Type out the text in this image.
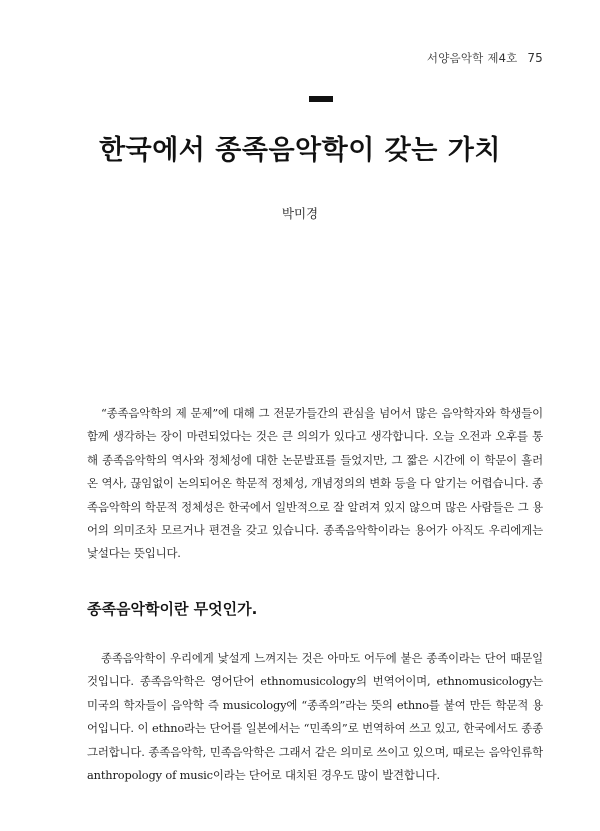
서양음악학 제4호 75
한국에서 종족음악학이 갖는 가치
박미경

“종족음악학의 제 문제”에 대해 그 전문가들간의 관심을 넘어서 많은 음악학자와 학생들이 함께 생각하는 장이 마련되었다는 것은 큰 의의가 있다고 생각합니다. 오늘 오전과 오후를 통해 종족음악학의 역사와 정체성에 대한 논문발표를 들었지만, 그 짧은 시간에 이 학문이 흘러온 역사, 끊임없이 논의되어온 학문적 정체성, 개념정의의 변화 등을 다 알기는 어렵습니다. 종족음악학의 학문적 정체성은 한국에서 일반적으로 잘 알려져 있지 않으며 많은 사람들은 그 용어의 의미조차 모르거나 편견을 갖고 있습니다. 종족음악학이라는 용어가 아직도 우리에게는 낯설다는 뜻입니다.

종족음악학이란 무엇인가.

종족음악학이 우리에게 낯설게 느껴지는 것은 아마도 어두에 붙은 종족이라는 단어 때문일 것입니다. 종족음악학은 영어단어 ethnomusicology의 번역어이며, ethnomusicology는 미국의 학자들이 음악학 즉 musicology에 “종족의”라는 뜻의 ethno를 붙여 만든 학문적 용어입니다. 이 ethno라는 단어를 일본에서는 “민족의”로 번역하여 쓰고 있고, 한국에서도 종종 그러합니다. 종족음악학, 민족음악학은 그래서 같은 의미로 쓰이고 있으며, 때로는 음악인류학 anthropology of music이라는 단어로 대치된 경우도 많이 발견합니다.
